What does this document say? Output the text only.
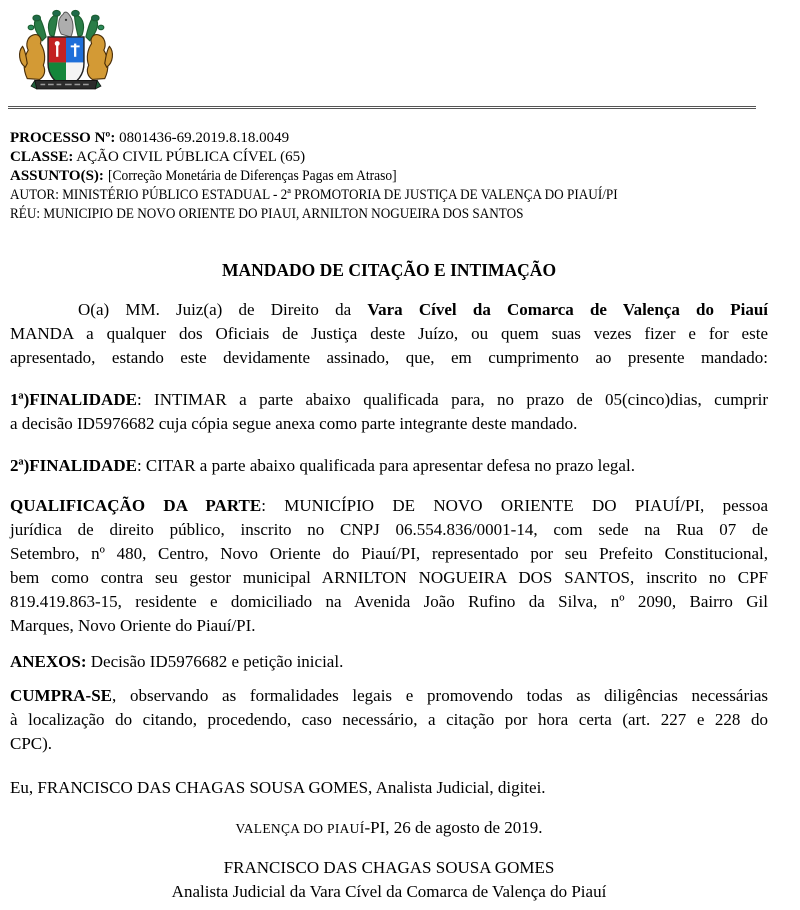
PROCESSO Nº: 0801436-69.2019.8.18.0049
CLASSE: AÇÃO CIVIL PÚBLICA CÍVEL (65)
ASSUNTO(S): [Correção Monetária de Diferenças Pagas em Atraso]
AUTOR: MINISTÉRIO PÚBLICO ESTADUAL - 2ª PROMOTORIA DE JUSTIÇA DE VALENÇA DO PIAUÍ/PI
RÉU: MUNICIPIO DE NOVO ORIENTE DO PIAUI, ARNILTON NOGUEIRA DOS SANTOS
MANDADO DE CITAÇÃO E INTIMAÇÃO
O(a) MM. Juiz(a) de Direito da Vara Cível da Comarca de Valença do Piauí
MANDA a qualquer dos Oficiais de Justiça deste Juízo, ou quem suas vezes fizer e for este
apresentado, estando este devidamente assinado, que, em cumprimento ao presente mandado:
1ª)FINALIDADE: INTIMAR a parte abaixo qualificada para, no prazo de 05(cinco)dias, cumprir
a decisão ID5976682 cuja cópia segue anexa como parte integrante deste mandado.
2ª)FINALIDADE: CITAR a parte abaixo qualificada para apresentar defesa no prazo legal.
QUALIFICAÇÃO DA PARTE: MUNICÍPIO DE NOVO ORIENTE DO PIAUÍ/PI, pessoa
jurídica de direito público, inscrito no CNPJ 06.554.836/0001-14, com sede na Rua 07 de
Setembro, nº 480, Centro, Novo Oriente do Piauí/PI, representado por seu Prefeito Constitucional,
bem como contra seu gestor municipal ARNILTON NOGUEIRA DOS SANTOS, inscrito no CPF
819.419.863-15, residente e domiciliado na Avenida João Rufino da Silva, nº 2090, Bairro Gil
Marques, Novo Oriente do Piauí/PI.
ANEXOS: Decisão ID5976682 e petição inicial.
CUMPRA-SE, observando as formalidades legais e promovendo todas as diligências necessárias
à localização do citando, procedendo, caso necessário, a citação por hora certa (art. 227 e 228 do
CPC).
Eu, FRANCISCO DAS CHAGAS SOUSA GOMES, Analista Judicial, digitei.
VALENÇA DO PIAUÍ-PI, 26 de agosto de 2019.
FRANCISCO DAS CHAGAS SOUSA GOMES
Analista Judicial da Vara Cível da Comarca de Valença do Piauí
